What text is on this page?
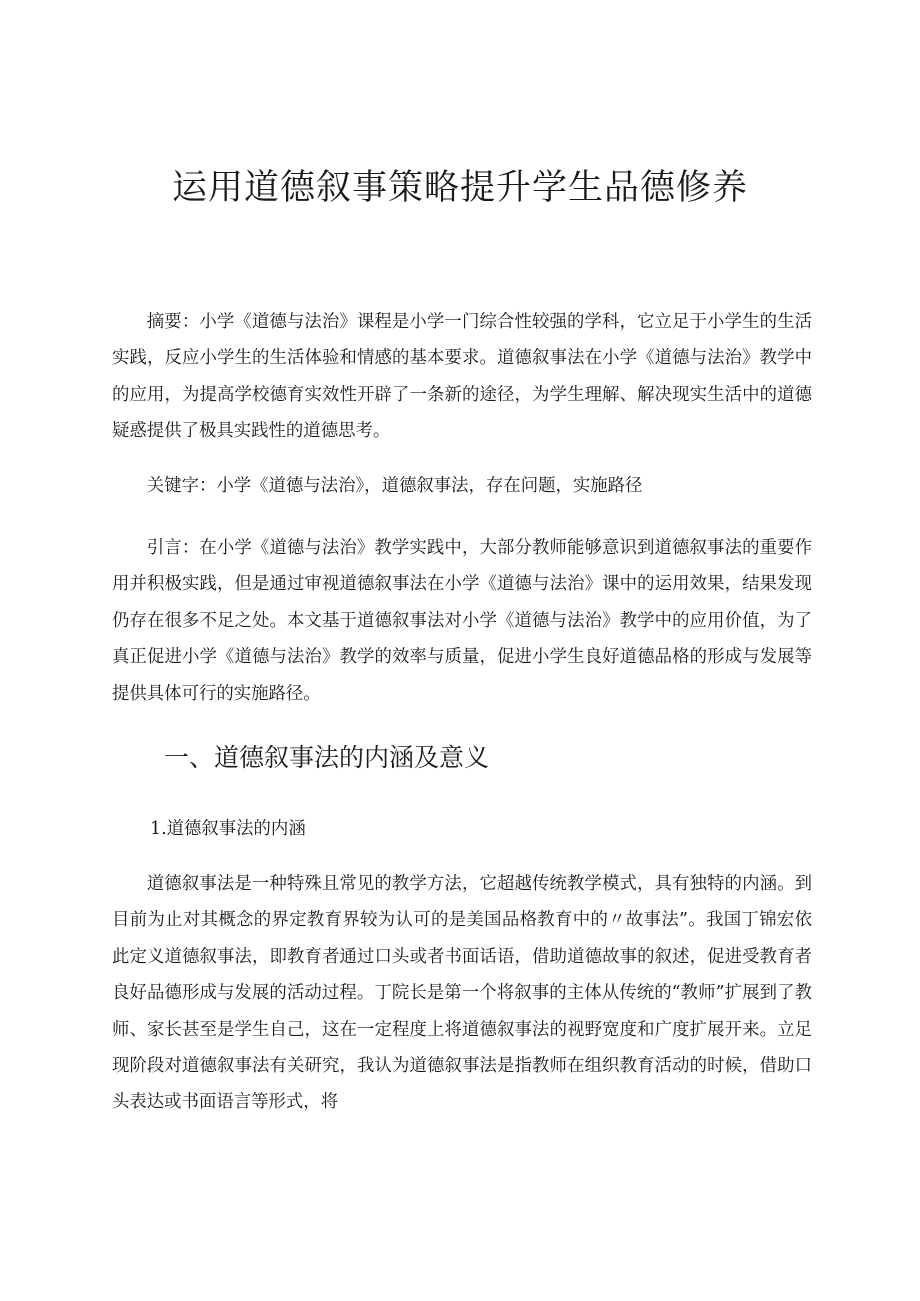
运用道德叙事策略提升学生品德修养

摘要：小学《道德与法治》课程是小学一门综合性较强的学科，它立足于小学生的生活实践，反应小学生的生活体验和情感的基本要求。道德叙事法在小学《道德与法治》教学中的应用，为提高学校德育实效性开辟了一条新的途径，为学生理解、解决现实生活中的道德疑惑提供了极具实践性的道德思考。

关键字：小学《道德与法治》，道德叙事法，存在问题，实施路径

引言：在小学《道德与法治》教学实践中，大部分教师能够意识到道德叙事法的重要作用并积极实践，但是通过审视道德叙事法在小学《道德与法治》课中的运用效果，结果发现仍存在很多不足之处。本文基于道德叙事法对小学《道德与法治》教学中的应用价值，为了真正促进小学《道德与法治》教学的效率与质量，促进小学生良好道德品格的形成与发展等提供具体可行的实施路径。

一、道德叙事法的内涵及意义
1.道德叙事法的内涵

道德叙事法是一种特殊且常见的教学方法，它超越传统教学模式，具有独特的内涵。到目前为止对其概念的界定教育界较为认可的是美国品格教育中的〃故事法”。我国丁锦宏依此定义道德叙事法，即教育者通过口头或者书面话语，借助道德故事的叙述，促进受教育者良好品德形成与发展的活动过程。丁院长是第一个将叙事的主体从传统的“教师”扩展到了教师、家长甚至是学生自己，这在一定程度上将道德叙事法的视野宽度和广度扩展开来。立足现阶段对道德叙事法有关研究，我认为道德叙事法是指教师在组织教育活动的时候，借助口头表达或书面语言等形式，将
